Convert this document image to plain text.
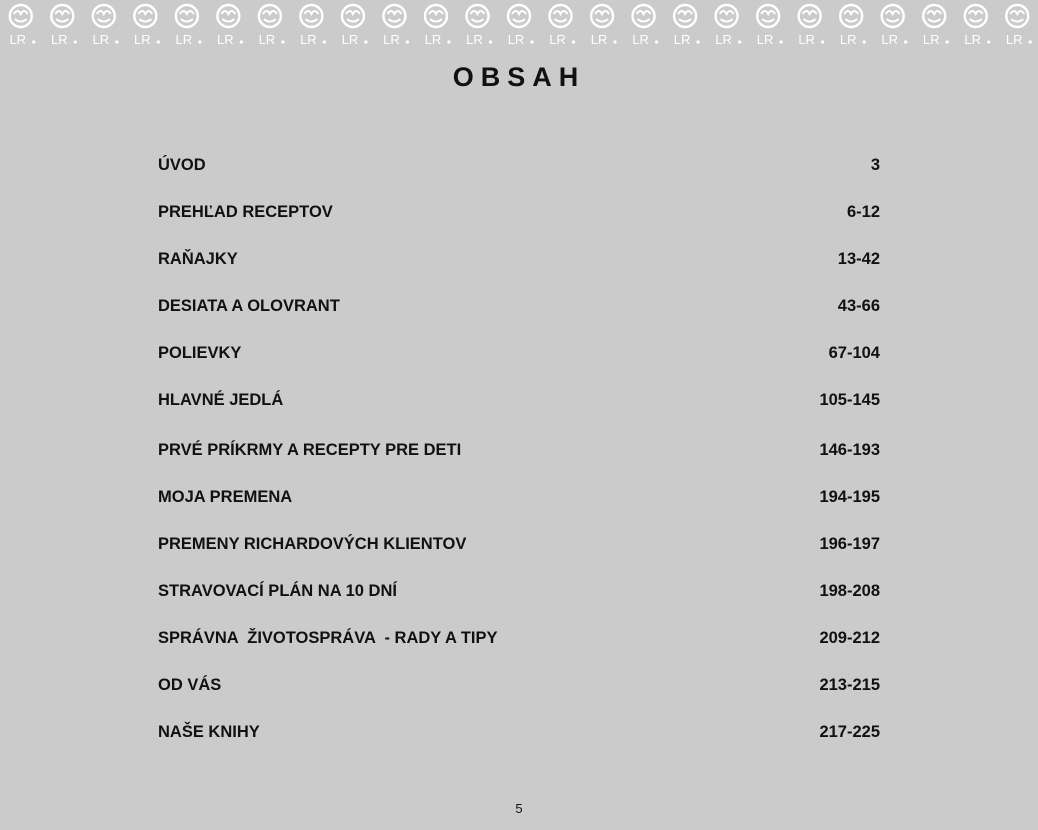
LR LR LR LR LR LR LR LR LR LR LR LR LR LR LR LR LR LR LR LR LR LR LR LR LR
OBSAH
ÚVOD	3
PREHĽAD RECEPTOV	6-12
RAŇAJKY	13-42
DESIATA A OLOVRANT	43-66
POLIEVKY	67-104
HLAVNÉ JEDLÁ	105-145
PRVÉ PRÍKRMY A RECEPTY PRE DETI	146-193
MOJA PREMENA	194-195
PREMENY RICHARDOVÝCH KLIENTOV	196-197
STRAVOVACÍ PLÁN NA 10 DNÍ	198-208
SPRÁVNA  ŽIVOTOSPRÁVA  - RADY A TIPY	209-212
OD VÁS	213-215
NAŠE KNIHY	217-225
5
